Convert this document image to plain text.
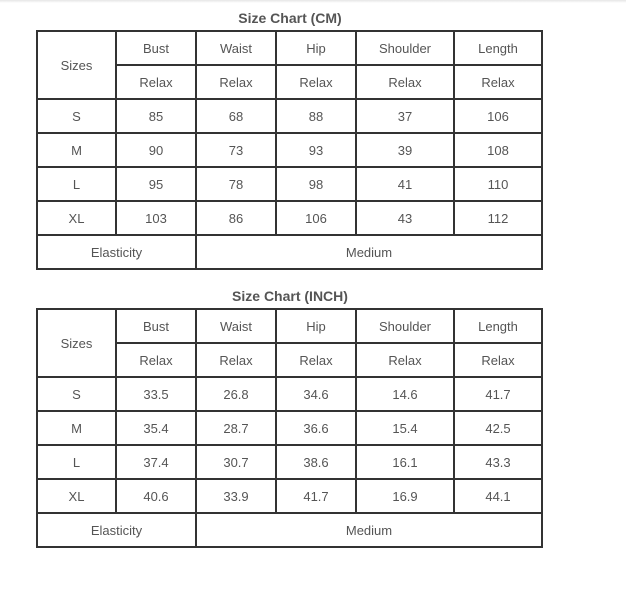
Size Chart (CM)
Sizes	Bust	Waist	Hip	Shoulder	Length
	Relax	Relax	Relax	Relax	Relax
S	85	68	88	37	106
M	90	73	93	39	108
L	95	78	98	41	110
XL	103	86	106	43	112
Elasticity		Medium			
Size Chart (INCH)
Sizes	Bust	Waist	Hip	Shoulder	Length
	Relax	Relax	Relax	Relax	Relax
S	33.5	26.8	34.6	14.6	41.7
M	35.4	28.7	36.6	15.4	42.5
L	37.4	30.7	38.6	16.1	43.3
XL	40.6	33.9	41.7	16.9	44.1
Elasticity		Medium			
